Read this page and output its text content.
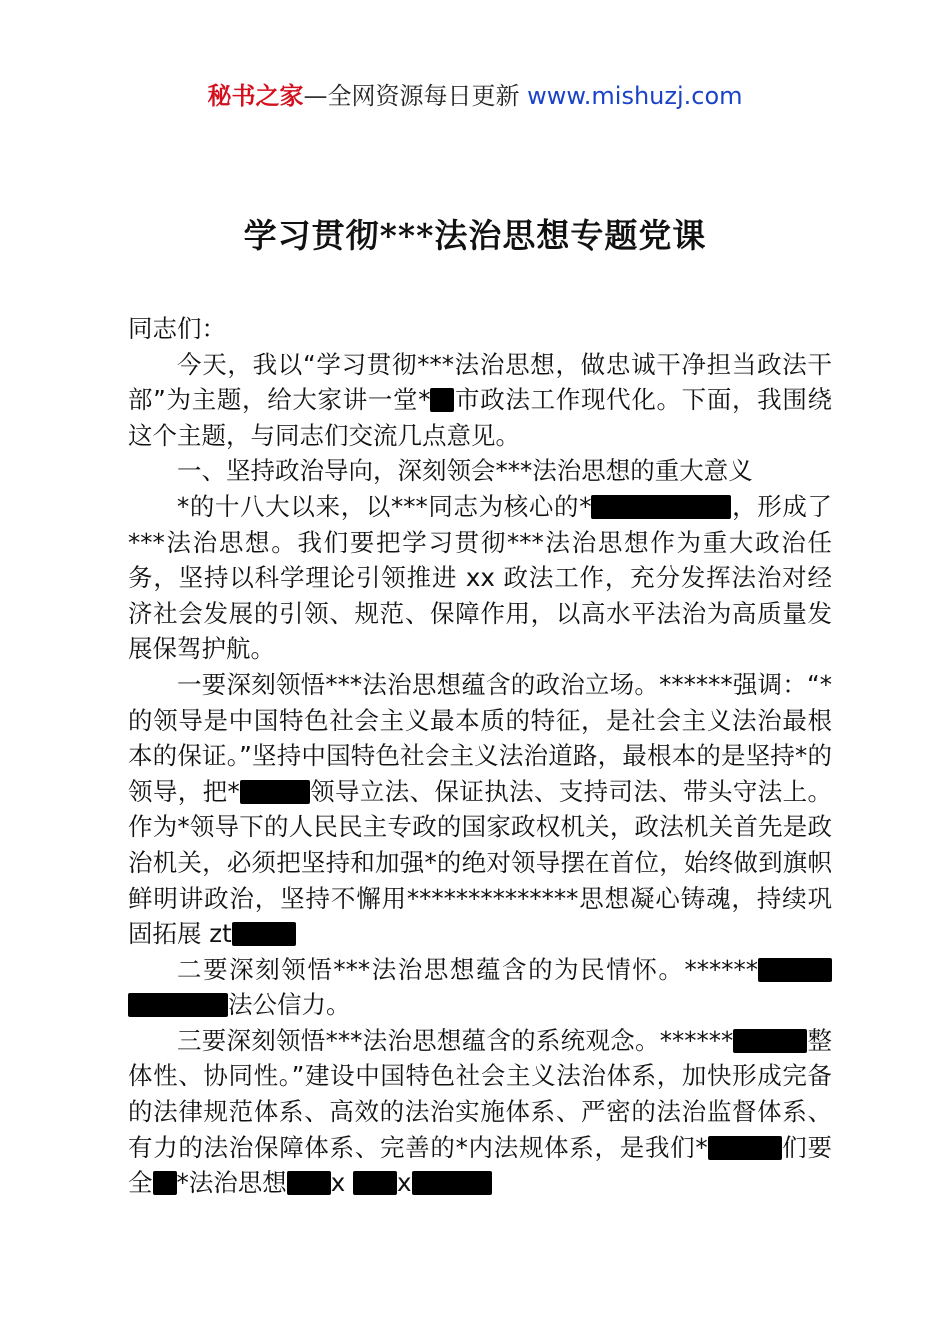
秘书之家—全网资源每日更新 www.mishuzj.com
学习贯彻***法治思想专题党课

同志们：

今天，我以“学习贯彻***法治思想，做忠诚干净担当政法干部”为主题，给大家讲一堂* 市政法工作现代化。下面，我围绕这个主题，与同志们交流几点意见。

一、坚持政治导向，深刻领会***法治思想的重大意义

*的十八大以来，以***同志为核心的*	，形成了***法治思想。我们要把学习贯彻***法治思想作为重大政治任务，坚持以科学理论引领推进 xx 政法工作，充分发挥法治对经济社会发展的引领、规范、保障作用，以高水平法治为高质量发展保驾护航。

一要深刻领悟***法治思想蕴含的政治立场。******强调：“*的领导是中国特色社会主义最本质的特征，是社会主义法治最根本的保证。”坚持中国特色社会主义法治道路，最根本的是坚持*的领导，把*	领导立法、保证执法、支持司法、带头守法上。作为*领导下的人民民主专政的国家政权机关，政法机关首先是政治机关，必须把坚持和加强*的绝对领导摆在首位，始终做到旗帜鲜明讲政治，坚持不懈用**************思想凝心铸魂，持续巩固拓展 zt

二要深刻领悟***法治思想蕴含的为民情怀。******法公信力。

三要深刻领悟***法治思想蕴含的系统观念。******	整体性、协同性。”建设中国特色社会主义法治体系，加快形成完备的法律规范体系、高效的法治实施体系、严密的法治监督体系、有力的法治保障体系、完善的*内法规体系，是我们*	们要全 *法治思想 x x
